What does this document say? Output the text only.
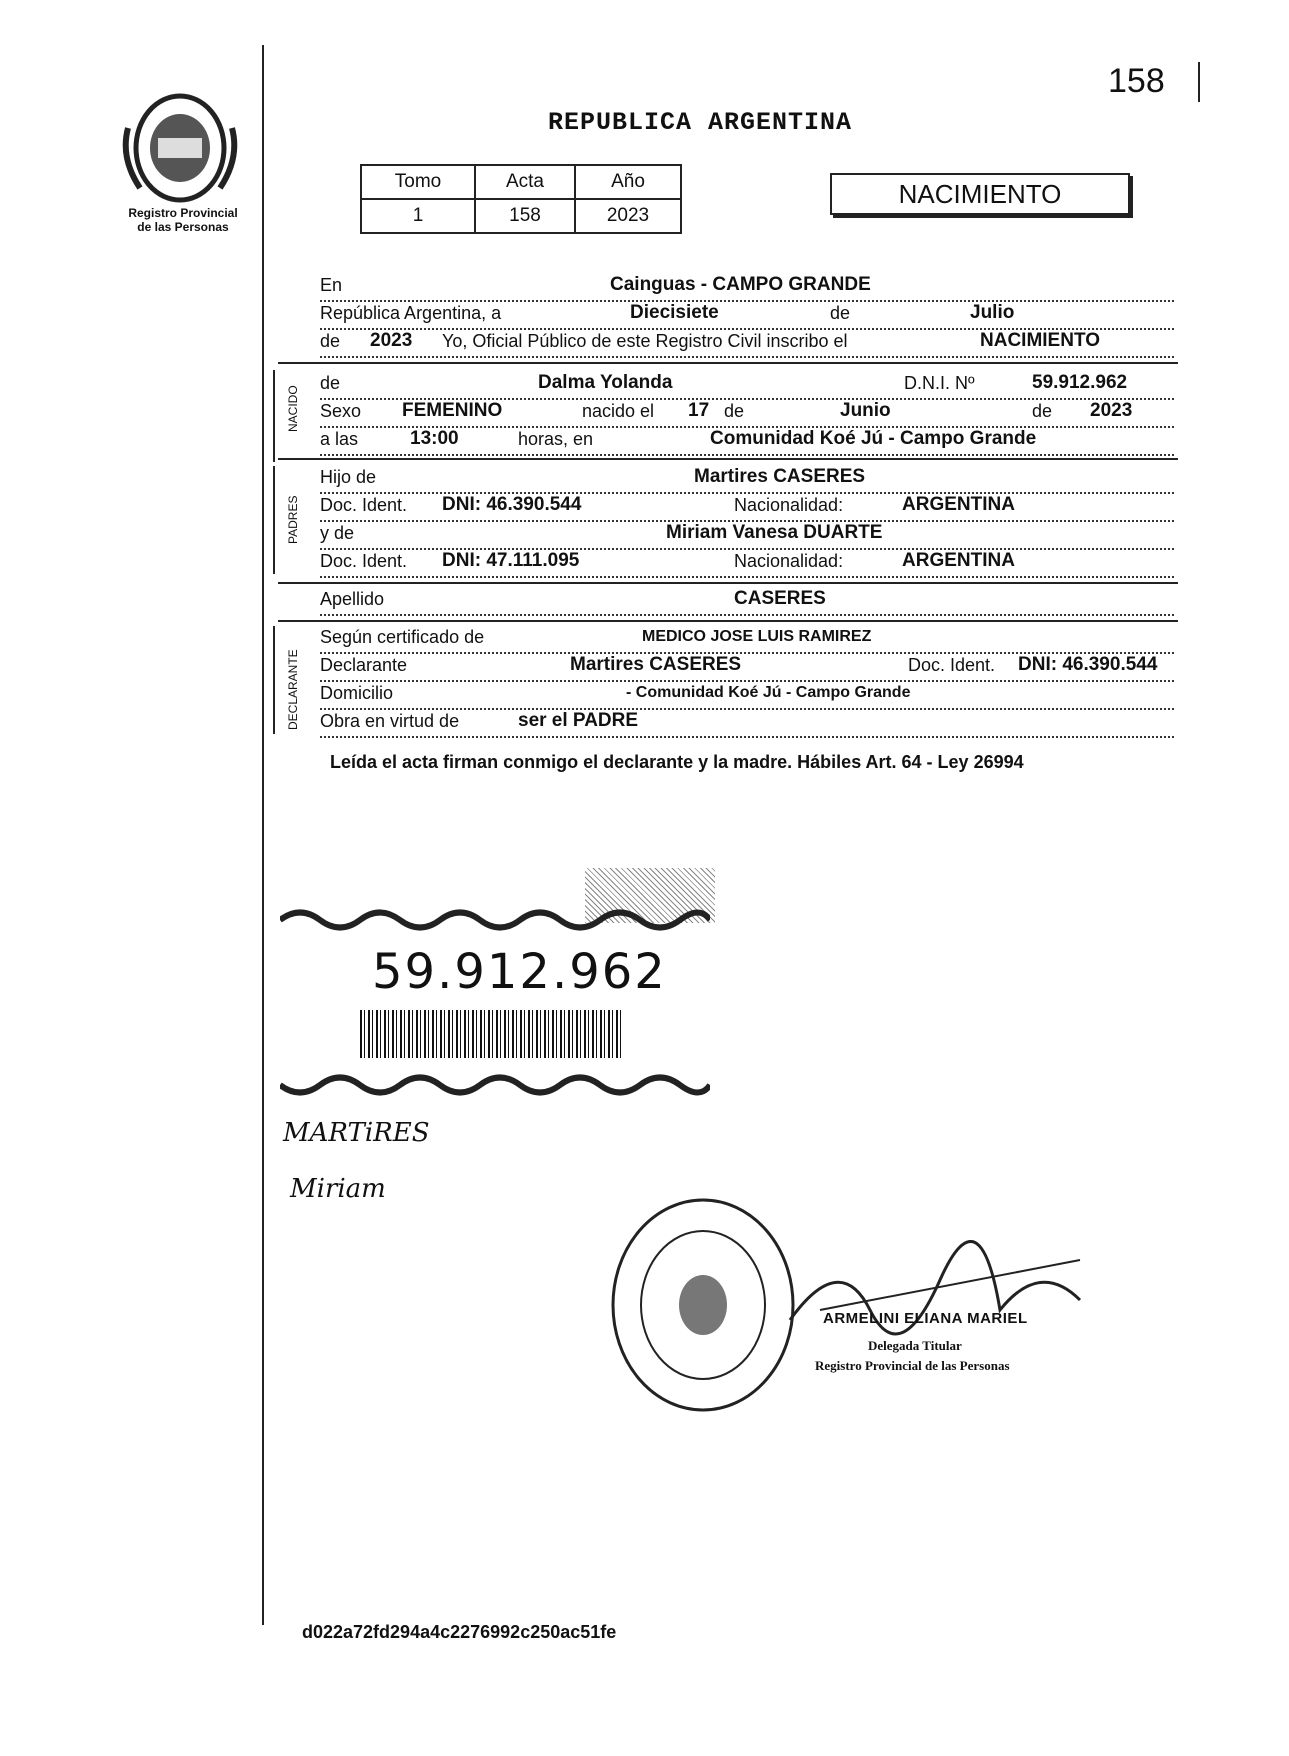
158
Registro Provincial
de las Personas
REPUBLICA ARGENTINA
Tomo	Acta	Año
1	158	2023
NACIMIENTO
En	Cainguas - CAMPO GRANDE
República Argentina, a	Diecisiete	de	Julio
de 2023 Yo, Oficial Público de este Registro Civil inscribo el	NACIMIENTO
NACIDO
de	Dalma Yolanda	D.N.I. Nº	59.912.962
Sexo FEMENINO	nacido el 17 de	Junio	de 2023
a las	13:00	horas, en	Comunidad Koé Jú - Campo Grande
PADRES
Hijo de	Martires CASERES
Doc. Ident. DNI: 46.390.544	Nacionalidad:	ARGENTINA
y de	Miriam Vanesa DUARTE
Doc. Ident. DNI: 47.111.095	Nacionalidad:	ARGENTINA
Apellido	CASERES
DECLARANTE
Según certificado de	MEDICO JOSE LUIS RAMIREZ
Declarante	Martires CASERES	Doc. Ident. DNI: 46.390.544
Domicilio	- Comunidad Koé Jú - Campo Grande
Obra en virtud de	ser el PADRE
Leída el acta firman conmigo el declarante y la madre. Hábiles Art. 64 - Ley 26994
59.912.962
MARTiRES
Miriam
ARMELINI ELIANA MARIEL
Delegada Titular
Registro Provincial de las Personas
d022a72fd294a4c2276992c250ac51fe
